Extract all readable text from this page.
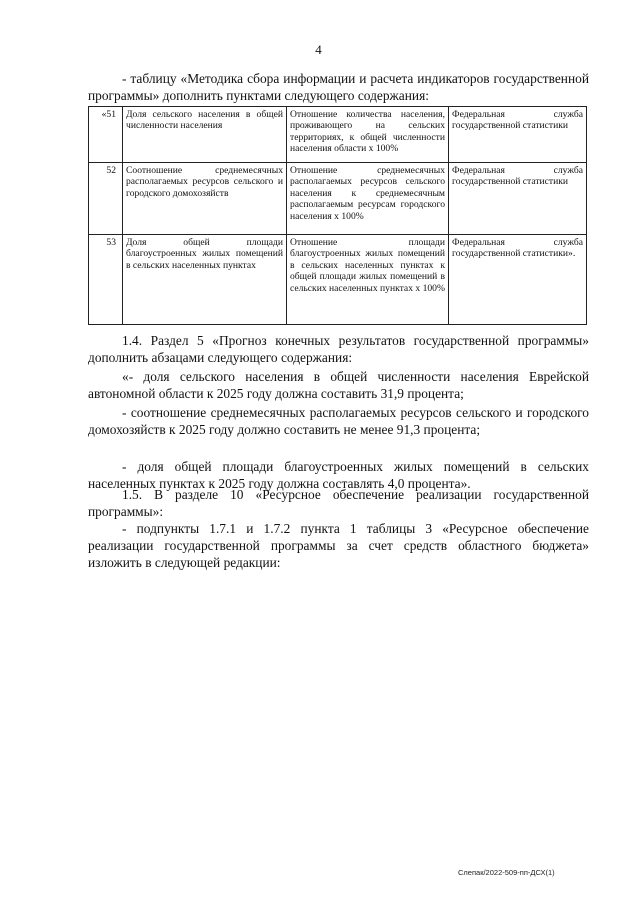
4
- таблицу «Методика сбора информации и расчета индикаторов государственной программы» дополнить пунктами следующего содержания:
«51	Доля сельского населения в общей численности населения	Отношение количества населения, проживающего на сельских территориях, к общей численности населения области х 100%	Федеральная служба государственной статистики
52	Соотношение среднемесячных располагаемых ресурсов сельского и городского домохозяйств	Отношение среднемесячных располагаемых ресурсов сельского населения к среднемесячным располагаемым ресурсам городского населения х 100%	Федеральная служба государственной статистики
53	Доля общей площади благоустроенных жилых помещений в сельских населенных пунктах	Отношение площади благоустроенных жилых помещений в сельских населенных пунктах к общей площади жилых помещений в сельских населенных пунктах х 100%	Федеральная служба государственной статистики».
1.4. Раздел 5 «Прогноз конечных результатов государственной программы» дополнить абзацами следующего содержания:
«- доля сельского населения в общей численности населения Еврейской автономной области к 2025 году должна составить 31,9 процента;
- соотношение среднемесячных располагаемых ресурсов сельского и городского домохозяйств к 2025 году должно составить не менее 91,3 процента;
- доля общей площади благоустроенных жилых помещений в сельских населенных пунктах к 2025 году должна составлять 4,0 процента».
1.5. В разделе 10 «Ресурсное обеспечение реализации государственной программы»:
- подпункты 1.7.1 и 1.7.2 пункта 1 таблицы 3 «Ресурсное обеспечение реализации государственной программы за счет средств областного бюджета» изложить в следующей редакции:
Слепак/2022-509-пп-ДСХ(1)
